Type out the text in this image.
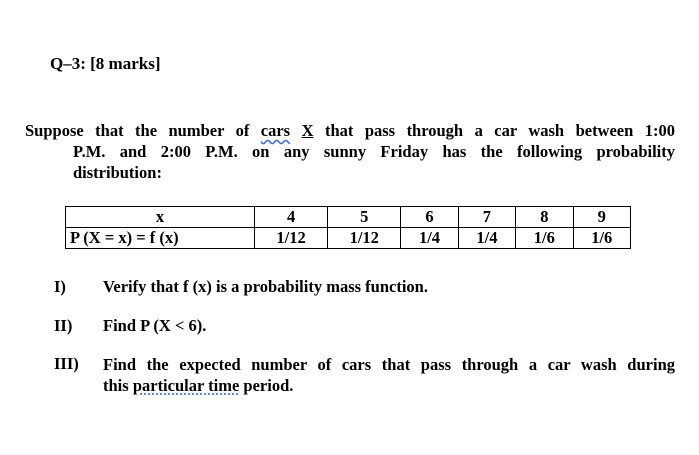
Q–3: [8 marks]
Suppose that the number of cars X that pass through a car wash between 1:00
P.M. and 2:00 P.M. on any sunny Friday has the following probability
distribution:
x	4	5	6	7	8	9
P (X = x) = f (x)	1/12	1/12	1/4	1/4	1/6	1/6
I) Verify that f (x) is a probability mass function.
II) Find P (X < 6).
III) Find the expected number of cars that pass through a car wash during
this particular time period.
